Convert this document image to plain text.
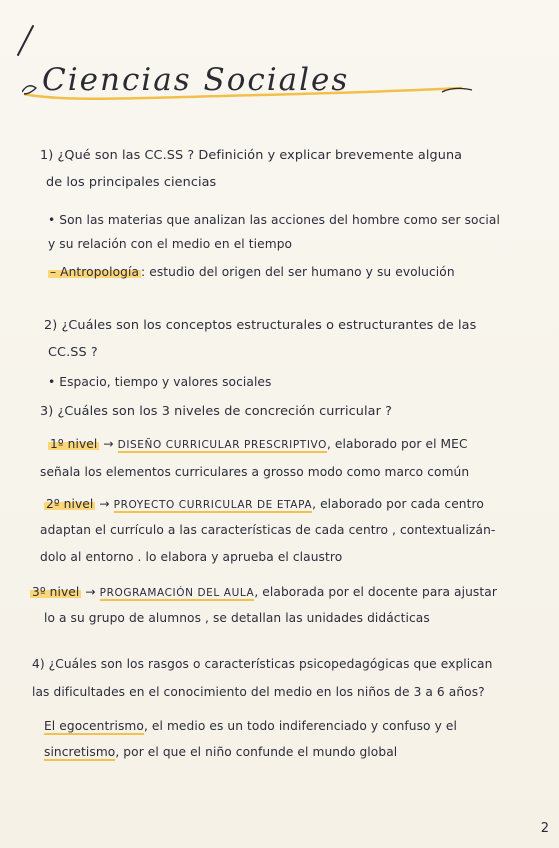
Ciencias Sociales
1) ¿Qué son las CC.SS ? Definición y explicar brevemente alguna
de los principales ciencias
• Son las materias que analizan las acciones del hombre como ser social
y su relación con el medio en el tiempo
– Antropología : estudio del origen del ser humano y su evolución
2) ¿Cuáles son los conceptos estructurales o estructurantes de las
CC.SS ?
• Espacio, tiempo y valores sociales
3) ¿Cuáles son los 3 niveles de concreción curricular ?
1º nivel → DISEÑO CURRICULAR PRESCRIPTIVO, elaborado por el MEC
señala los elementos curriculares a grosso modo como marco común
2º nivel → PROYECTO CURRICULAR DE ETAPA, elaborado por cada centro
adaptan el currículo a las características de cada centro , contextualizán-
dolo al entorno . lo elabora y aprueba el claustro
3º nivel → PROGRAMACIÓN DEL AULA, elaborada por el docente para ajustar
lo a su grupo de alumnos , se detallan las unidades didácticas
4) ¿Cuáles son los rasgos o características psicopedagógicas que explican
las dificultades en el conocimiento del medio en los niños de 3 a 6 años?
El egocentrismo, el medio es un todo indiferenciado y confuso y el
sincretismo, por el que el niño confunde el mundo global
2
